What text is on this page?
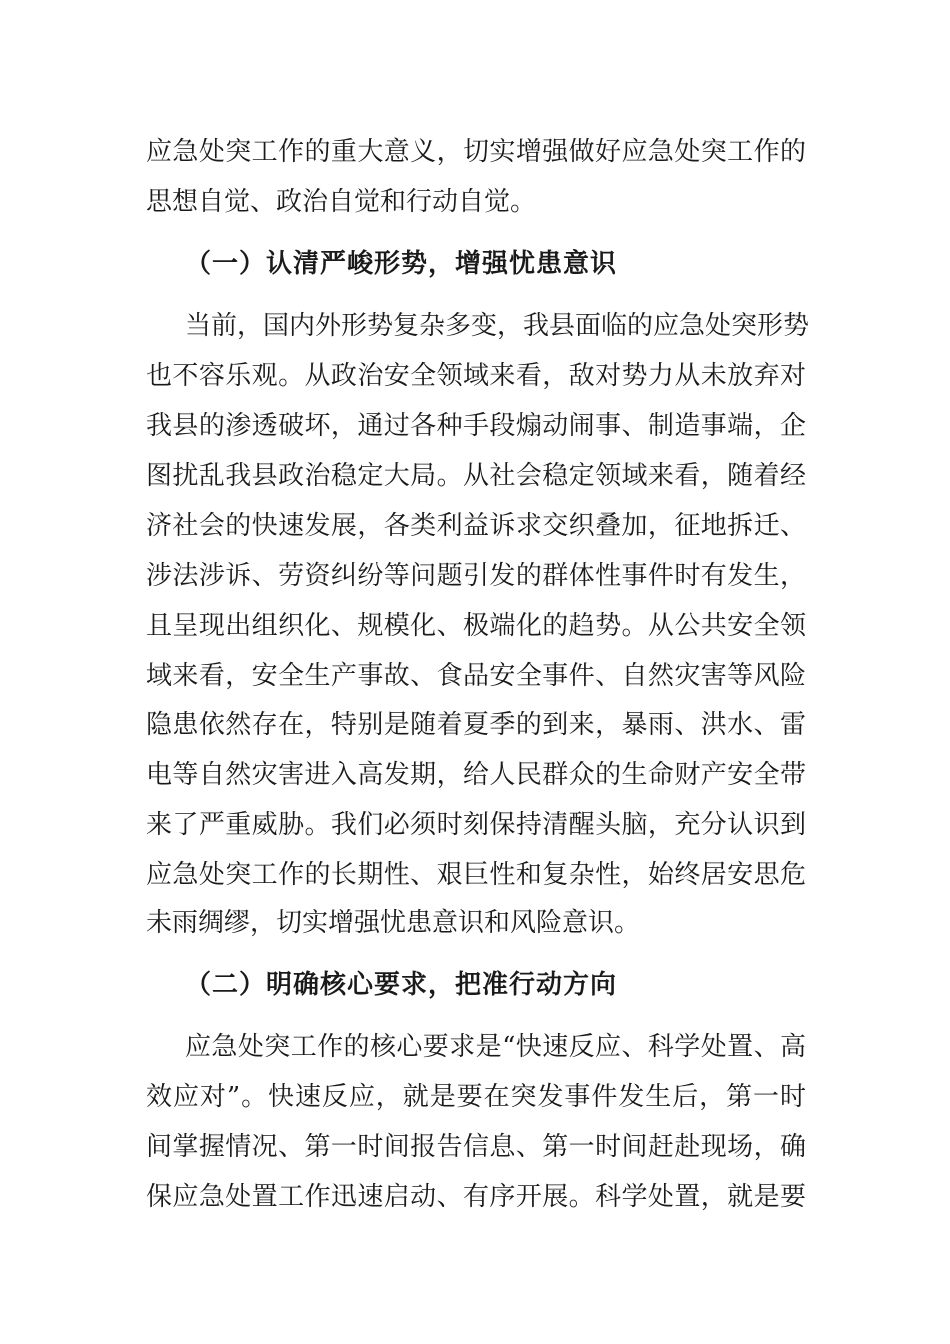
应急处突工作的重大意义，切实增强做好应急处突工作的
思想自觉、政治自觉和行动自觉。
（一）认清严峻形势，增强忧患意识
当前，国内外形势复杂多变，我县面临的应急处突形势
也不容乐观。从政治安全领域来看，敌对势力从未放弃对
我县的渗透破坏，通过各种手段煽动闹事、制造事端，企
图扰乱我县政治稳定大局。从社会稳定领域来看，随着经
济社会的快速发展，各类利益诉求交织叠加，征地拆迁、
涉法涉诉、劳资纠纷等问题引发的群体性事件时有发生，
且呈现出组织化、规模化、极端化的趋势。从公共安全领
域来看，安全生产事故、食品安全事件、自然灾害等风险
隐患依然存在，特别是随着夏季的到来，暴雨、洪水、雷
电等自然灾害进入高发期，给人民群众的生命财产安全带
来了严重威胁。我们必须时刻保持清醒头脑，充分认识到
应急处突工作的长期性、艰巨性和复杂性，始终居安思危
未雨绸缪，切实增强忧患意识和风险意识。
（二）明确核心要求，把准行动方向
应急处突工作的核心要求是“快速反应、科学处置、高
效应对”。快速反应，就是要在突发事件发生后，第一时
间掌握情况、第一时间报告信息、第一时间赶赴现场，确
保应急处置工作迅速启动、有序开展。科学处置，就是要
